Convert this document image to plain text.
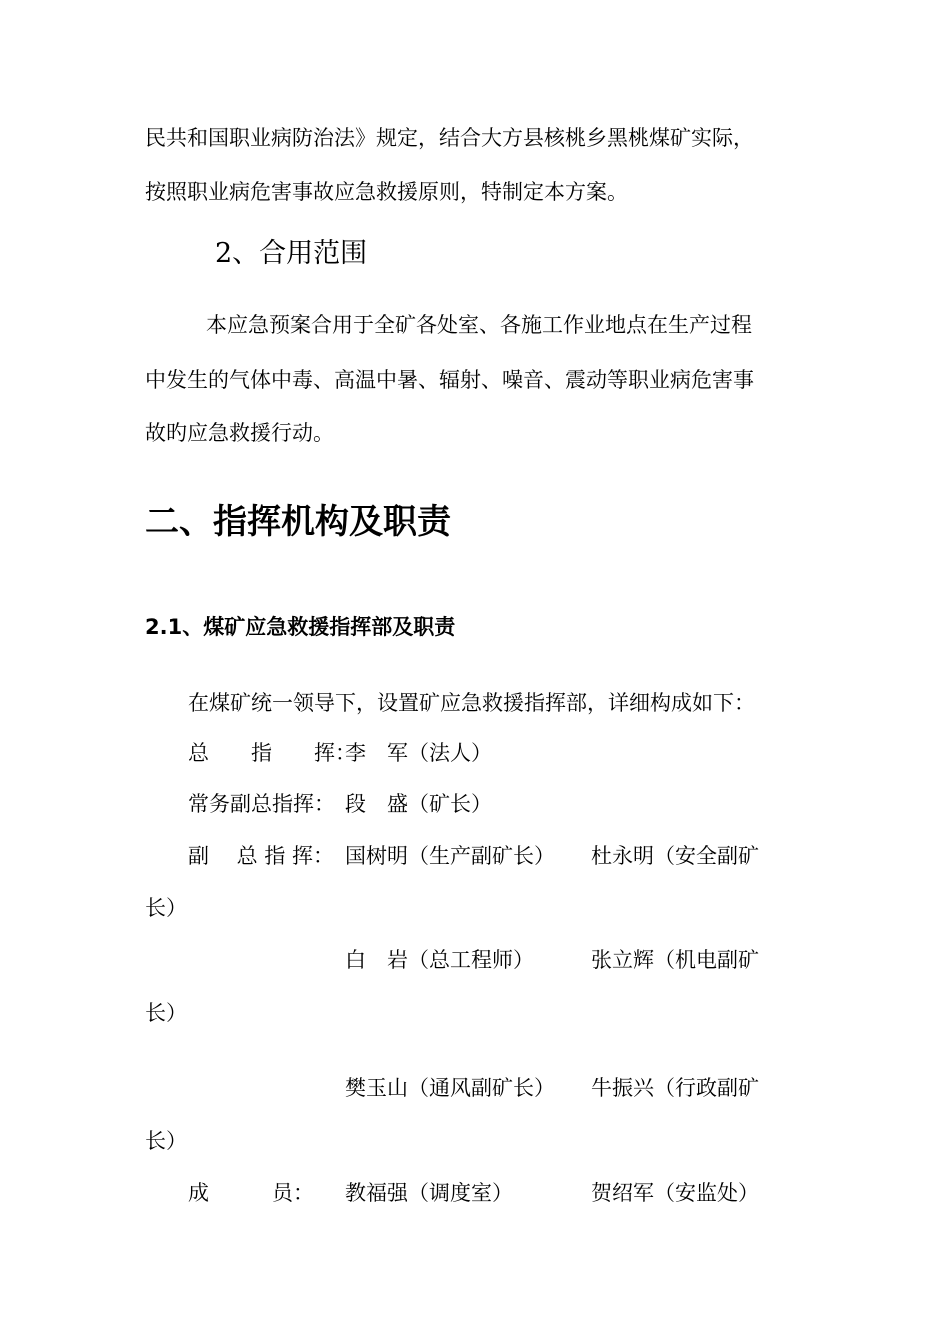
民共和国职业病防治法》规定，结合大方县核桃乡黑桃煤矿实际，
按照职业病危害事故应急救援原则，特制定本方案。
2、合用范围
本应急预案合用于全矿各处室、各施工作业地点在生产过程
中发生的气体中毒、高温中暑、辐射、噪音、震动等职业病危害事
故旳应急救援行动。
二、指挥机构及职责
2.1、煤矿应急救援指挥部及职责
在煤矿统一领导下，设置矿应急救援指挥部，详细构成如下：
总　　指　　挥：
李　军（法人）
常务副总指挥： 段　盛（矿长）
副　 总 指 挥： 国树明（生产副矿长） 杜永明（安全副矿
长）
白　岩（总工程师）	张立辉（机电副矿
长）
樊玉山（通风副矿长） 牛振兴（行政副矿
长）
成　　　员： 教福强（调度室）	贺绍军（安监处）
